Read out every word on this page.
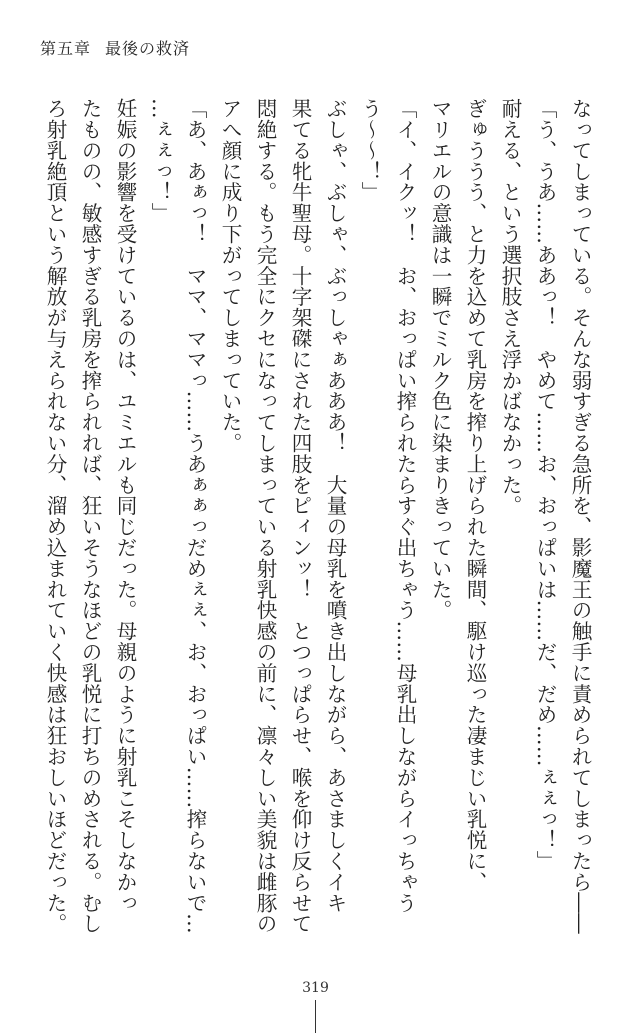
第五章 最後の救済
なってしまっている。そんな弱すぎる急所を、影魔王の触手に責められてしまったら――
「う、うあ……ああっ！　やめて……お、おっぱいは……だ、だめ……ぇぇっ！」
耐える、という選択肢さえ浮かばなかった。
ぎゅううう、と力を込めて乳房を搾り上げられた瞬間、駆け巡った凄まじい乳悦に、
マリエルの意識は一瞬でミルク色に染まりきっていた。
「イ、イクッ！　お、おっぱい搾られたらすぐ出ちゃう……母乳出しながらイっちゃう
う～～！」
ぶしゃ、ぶしゃ、ぶっしゃぁあああ！　大量の母乳を噴き出しながら、あさましくイキ
果てる牝牛聖母。十字架磔にされた四肢をピィンッ！　とつっぱらせ、喉を仰け反らせて
悶絶する。もう完全にクセになってしまっている射乳快感の前に、凛々しい美貌は雌豚の
アへ顔に成り下がってしまっていた。
「あ、あぁっ！　ママ、ママっ……うあぁぁっだめぇぇ、お、おっぱい……搾らないで…
…ぇぇっ！」
妊娠の影響を受けているのは、ユミエルも同じだった。母親のように射乳こそしなかっ
たものの、敏感すぎる乳房を搾られれば、狂いそうなほどの乳悦に打ちのめされる。むし
ろ射乳絶頂という解放が与えられない分、溜め込まれていく快感は狂おしいほどだった。
319
